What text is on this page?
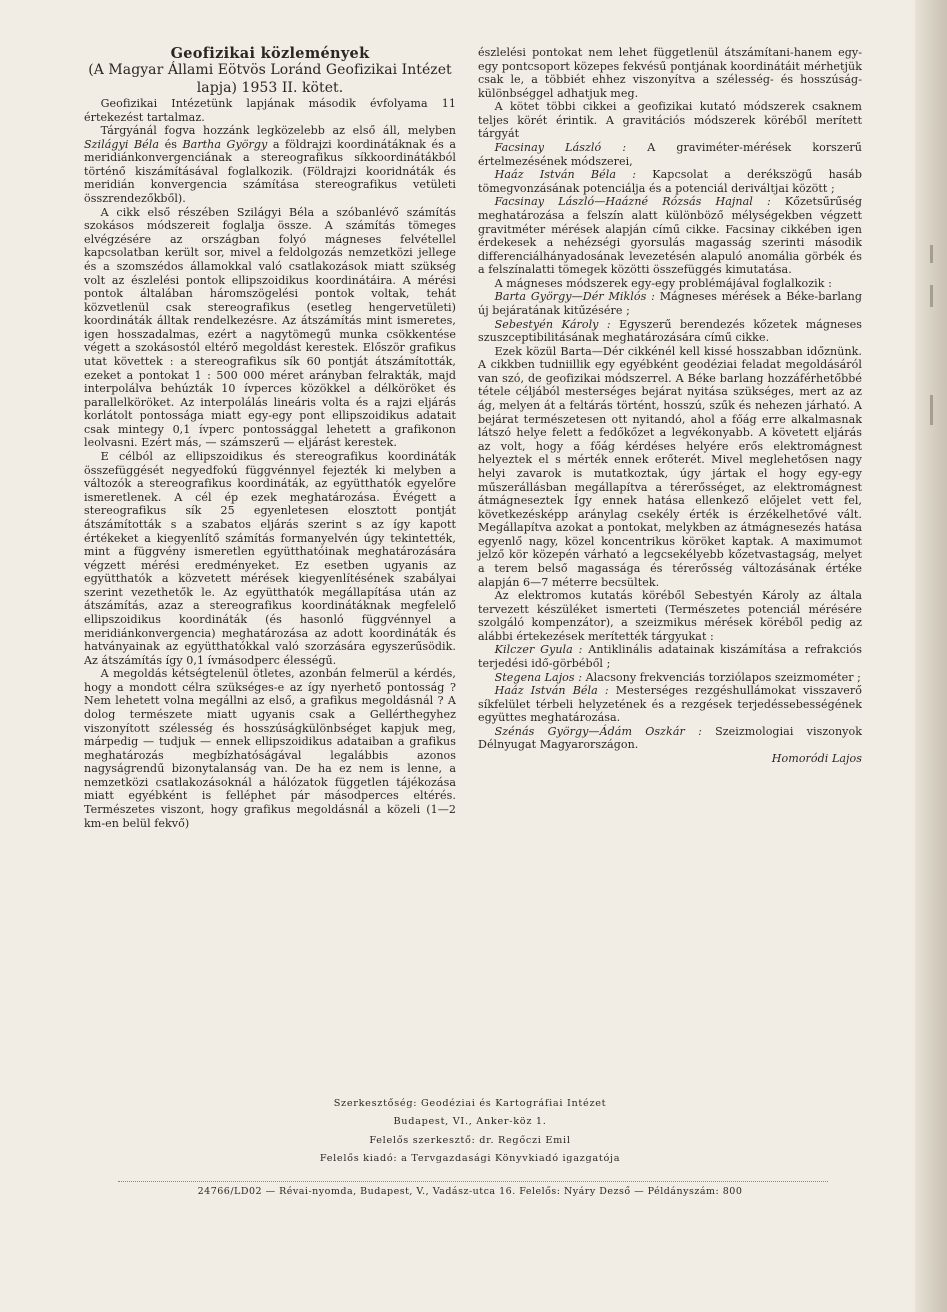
Geofizikai közlemények

(A Magyar Állami Eötvös Loránd Geofizikai Intézet lapja) 1953 II. kötet.

Geofizikai Intézetünk lapjának második évfolyama 11 értekezést tartalmaz.

Tárgyánál fogva hozzánk legközelebb az első áll, melyben Szilágyi Béla és Bartha György a földrajzi koordinátáknak és a meridiánkonvergenciának a stereografikus síkkoordinátákból történő kiszámításával foglalkozik. (Földrajzi kooridnáták és meridián konvergencia számítása stereografikus vetületi összrendezőkből).

A cikk első részében Szilágyi Béla a szóbanlévő számítás szokásos módszereit foglalja össze. A számítás tömeges elvégzésére az országban folyó mágneses felvétellel kapcsolatban került sor, mivel a feldolgozás nemzetközi jellege és a szomszédos államokkal való csatlakozások miatt szükség volt az észlelési pontok ellipszoidikus koordinátáira. A mérési pontok általában háromszögelési pontok voltak, tehát közvetlenül csak stereografikus (esetleg hengervetületi) koordináták álltak rendelkezésre. Az átszámítás mint ismeretes, igen hosszadalmas, ezért a nagytömegű munka csökkentése végett a szokásostól eltérő megoldást kerestek. Először grafikus utat követtek : a stereografikus sík 60 pontját átszámították, ezeket a pontokat 1 : 500 000 méret arányban felrakták, majd interpolálva behúzták 10 ívperces közökkel a délköröket és parallelköröket. Az interpolálás lineáris volta és a rajzi eljárás korlátolt pontossága miatt egy-egy pont ellipszoidikus adatait csak mintegy 0,1 ívperc pontossággal lehetett a grafikonon leolvasni. Ezért más, — számszerű — eljárást kerestek.

E célból az ellipszoidikus és stereografikus koordináták összefüggését negyedfokú függvénnyel fejezték ki melyben a változók a stereografikus koordináták, az együtthatók egyelőre ismeretlenek. A cél ép ezek meghatározása. Évégett a stereografikus sík 25 egyenletesen elosztott pontját átszámították s a szabatos eljárás szerint s az így kapott értékeket a kiegyenlítő számítás formanyelvén úgy tekintették, mint a függvény ismeretlen együtthatóinak meghatározására végzett mérési eredményeket. Ez esetben ugyanis az együtthatók a közvetett mérések kiegyenlítésének szabályai szerint vezethetők le. Az együtthatók megállapítása után az átszámítás, azaz a stereografikus koordinátáknak megfelelő ellipszoidikus koordináták (és hasonló függvénnyel a meridiánkonvergencia) meghatározása az adott koordináták és hatványainak az együtthatókkal való szorzására egyszerűsödik. Az átszámítás így 0,1 ívmásodperc élességű.

A megoldás kétségtelenül ötletes, azonbán felmerül a kérdés, hogy a mondott célra szükséges-e az így nyerhető pontosság ? Nem lehetett volna megállni az első, a grafikus megoldásnál ? A dolog természete miatt ugyanis csak a Gellérthegyhez viszonyított szélesség és hosszúságkülönbséget kapjuk meg, márpedig — tudjuk — ennek ellipszoidikus adataiban a grafikus meghatározás megbízhatóságával legalábbis azonos nagyságrendű bizonytalanság van. De ha ez nem is lenne, a nemzetközi csatlakozásoknál a hálózatok független tájékozása miatt egyébként is felléphet pár másodperces eltérés. Természetes viszont, hogy grafikus megoldásnál a közeli (1—2 km-en belül fekvő)

észlelési pontokat nem lehet függetlenül átszámítani-hanem egy-egy pontcsoport közepes fekvésű pontjának koordinátáit mérhetjük csak le, a többiét ehhez viszonyítva a szélesség- és hosszúság-különbséggel adhatjuk meg.

A kötet többi cikkei a geofizikai kutató módszerek csaknem teljes körét érintik. A gravitációs módszerek köréből merített tárgyát

Facsinay László : A graviméter-mérések korszerű értelmezésének módszerei,

Haáz István Béla : Kapcsolat a derékszögű hasáb tömegvonzásának potenciálja és a potenciál deriváltjai között ;

Facsinay László—Haázné Rózsás Hajnal : Kőzetsűrűség meghatározása a felszín alatt különböző mélységekben végzett gravitméter mérések alapján című cikke. Facsinay cikkében igen érdekesek a nehézségi gyorsulás magasság szerinti második differenciálhányadosának levezetésén alapuló anomália görbék és a felszínalatti tömegek közötti összefüggés kimutatása.

A mágneses módszerek egy-egy problémájával foglalkozik :

Barta György—Dér Miklós : Mágneses mérések a Béke-barlang új bejáratának kitűzésére ;

Sebestyén Károly : Egyszerű berendezés kőzetek mágneses szuszceptibilitásának meghatározására című cikke.

Ezek közül Barta—Dér cikkénél kell kissé hosszabban időznünk. A cikkben tudniillik egy egyébként geodéziai feladat megoldásáról van szó, de geofizikai módszerrel. A Béke barlang hozzáférhetőbbé tétele céljából mesterséges bejárat nyitása szükséges, mert az az ág, melyen át a feltárás történt, hosszú, szűk és nehezen járható. A bejárat természetesen ott nyitandó, ahol a főág erre alkalmasnak látszó helye felett a fedőkőzet a legvékonyabb. A követett eljárás az volt, hogy a főág kérdéses helyére erős elektromágnest helyeztek el s mérték ennek erőterét. Mivel meglehetősen nagy helyi zavarok is mutatkoztak, úgy jártak el hogy egy-egy műszerállásban megállapítva a térerősséget, az elektromágnest átmágneseztek Így ennek hatása ellenkező előjelet vett fel, következésképp aránylag csekély érték is érzékelhetővé vált. Megállapítva azokat a pontokat, melykben az átmágnesezés hatása egyenlő nagy, közel koncentrikus köröket kaptak. A maximumot jelző kör közepén várható a legcsekélyebb kőzetvastagság, melyet a terem belső magassága és térerősség változásának értéke alapján 6—7 méterre becsültek.

Az elektromos kutatás köréből Sebestyén Károly az általa tervezett készüléket ismerteti (Természetes potenciál mérésére szolgáló kompenzátor), a szeizmikus mérések köréből pedig az alábbi értekezések merítették tárgyukat :

Kilczer Gyula : Antiklinális adatainak kiszámítása a refrakciós terjedési idő-görbéből ;

Stegena Lajos : Alacsony frekvenciás torziólapos szeizmométer ;

Haáz István Béla : Mesterséges rezgéshullámokat visszaverő síkfelület térbeli helyzetének és a rezgések terjedéssebességének együttes meghatározása.

Szénás György—Ádám Oszkár : Szeizmologiai viszonyok Délnyugat Magyarországon.

Homoródi Lajos

Szerkesztőség: Geodéziai és Kartográfiai Intézet
Budapest, VI., Anker-köz 1.
Felelős szerkesztő: dr. Regőczi Emil
Felelős kiadó: a Tervgazdasági Könyvkiadó igazgatója
24766/LD02 — Révai-nyomda, Budapest, V., Vadász-utca 16. Felelős: Nyáry Dezső — Példányszám: 800
